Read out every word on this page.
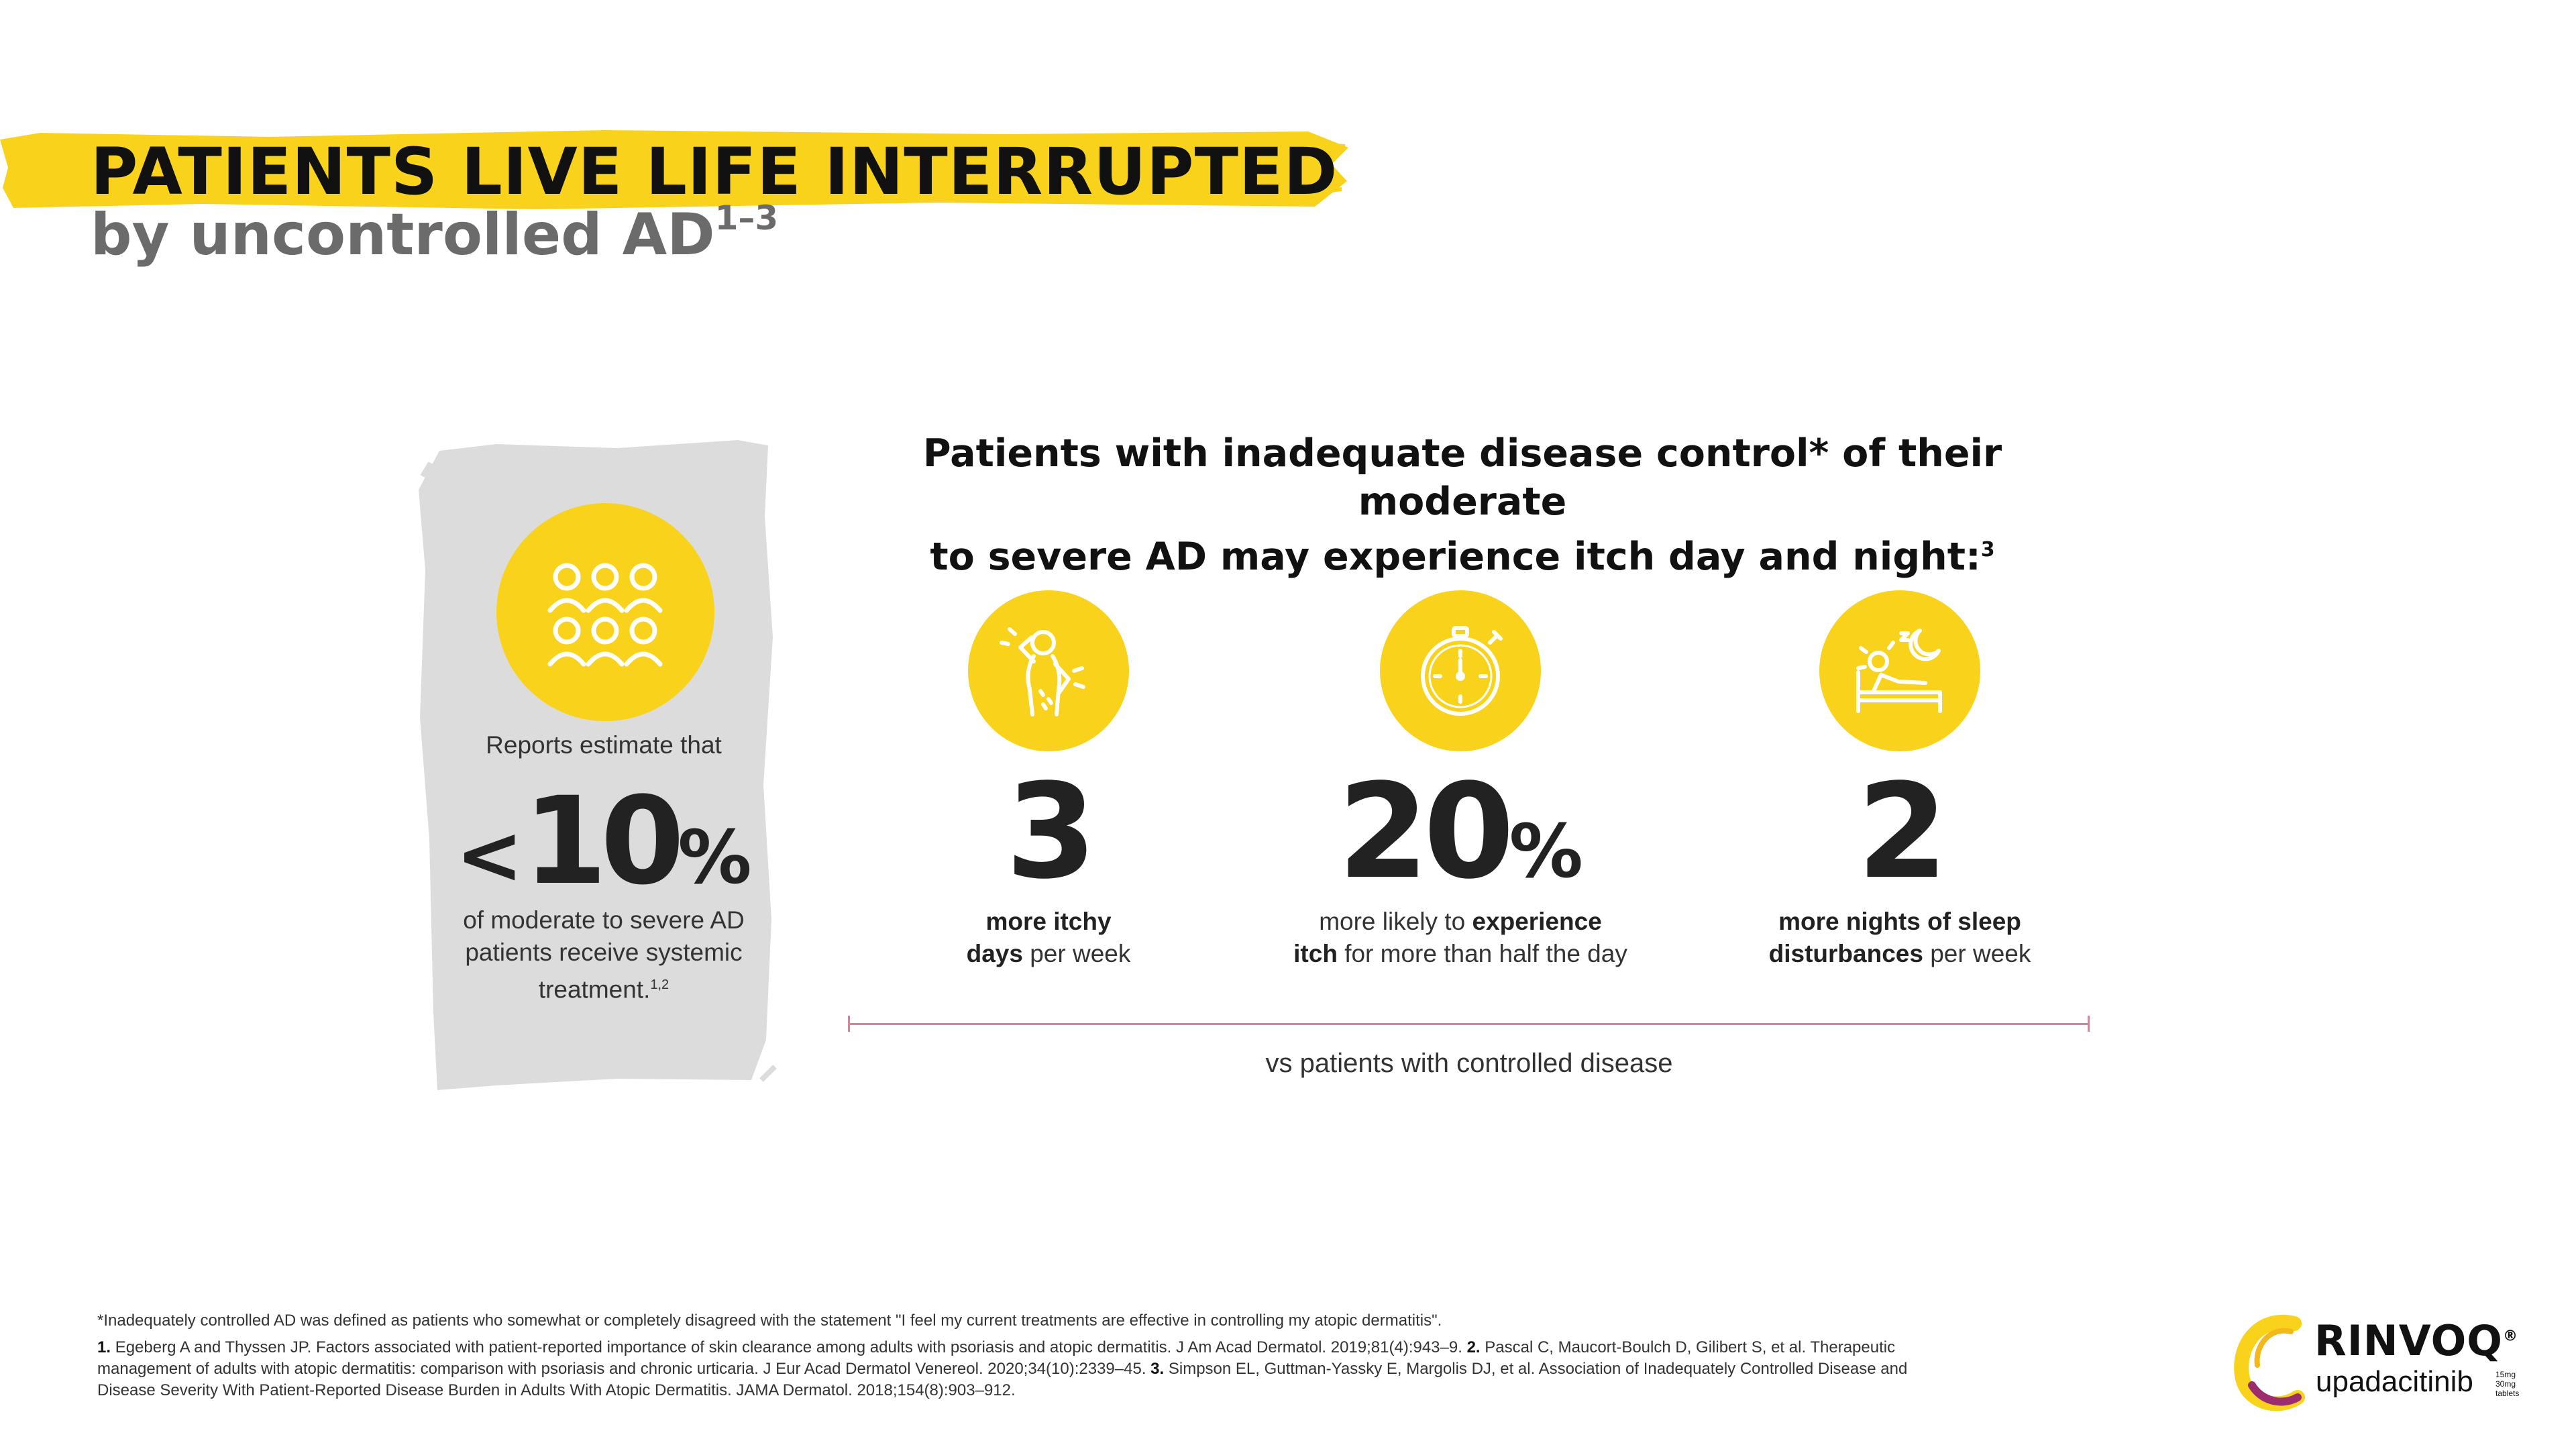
PATIENTS LIVE LIFE INTERRUPTED
by uncontrolled AD$^{1-3}$
Reports estimate that
<10%
of moderate to severe AD patients receive systemic treatment.$^{1,2}$
Patients with inadequate disease control* of their moderate
to severe AD may experience itch day and night:$^3$
3
more itchy
days per week
20%
more likely to experience
itch for more than half the day
2
more nights of sleep
disturbances per week
vs patients with controlled disease
*Inadequately controlled AD was defined as patients who somewhat or completely disagreed with the statement "I feel my current treatments are effective in controlling my atopic dermatitis".
1. Egeberg A and Thyssen JP. Factors associated with patient-reported importance of skin clearance among adults with psoriasis and atopic dermatitis. J Am Acad Dermatol. 2019;81(4):943–9. 2. Pascal C, Maucort-Boulch D, Gilibert S, et al. Therapeutic management of adults with atopic dermatitis: comparison with psoriasis and chronic urticaria. J Eur Acad Dermatol Venereol. 2020;34(10):2339–45. 3. Simpson EL, Guttman-Yassky E, Margolis DJ, et al. Association of Inadequately Controlled Disease and Disease Severity With Patient-Reported Disease Burden in Adults With Atopic Dermatitis. JAMA Dermatol. 2018;154(8):903–912.
RINVOQ®
upadacitinib	15mg 30mg tablets
